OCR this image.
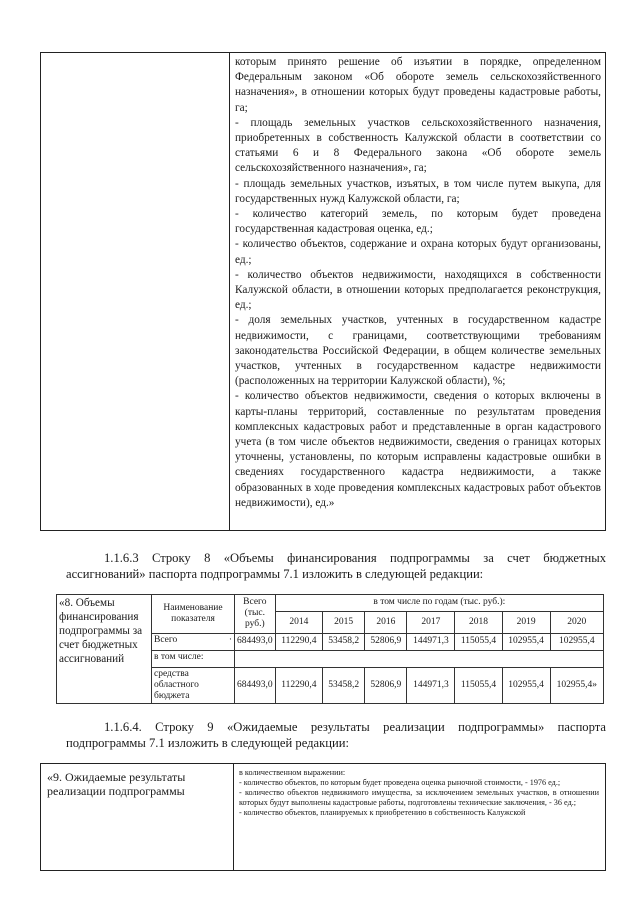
которым принято решение об изъятии в порядке, определенном Федеральным законом «Об обороте земель сельскохозяйственного назначения», в отношении которых будут проведены кадастровые работы, га;

- площадь земельных участков сельскохозяйственного назначения, приобретенных в собственность Калужской области в соответствии со статьями 6 и 8 Федерального закона «Об обороте земель сельскохозяйственного назначения», га;

- площадь земельных участков, изъятых, в том числе путем выкупа, для государственных нужд Калужской области, га;

- количество категорий земель, по которым будет проведена государственная кадастровая оценка, ед.;

- количество объектов, содержание и охрана которых будут организованы, ед.;

- количество объектов недвижимости, находящихся в собственности Калужской области, в отношении которых предполагается реконструкция, ед.;

- доля земельных участков, учтенных в государственном кадастре недвижимости, с границами, соответствующими требованиям законодательства Российской Федерации, в общем количестве земельных участков, учтенных в государственном кадастре недвижимости (расположенных на территории Калужской области), %;

- количество объектов недвижимости, сведения о которых включены в карты-планы территорий, составленные по результатам проведения комплексных кадастровых работ и представленные в орган кадастрового учета (в том числе объектов недвижимости, сведения о границах которых уточнены, установлены, по которым исправлены кадастровые ошибки в сведениях государственного кадастра недвижимости, а также образованных в ходе проведения комплексных кадастровых работ объектов недвижимости), ед.»

1.1.6.3 Строку 8 «Объемы финансирования подпрограммы за счет бюджетных ассигнований» паспорта подпрограммы 7.1 изложить в следующей редакции:
«8. Объемы финансирования подпрограммы за счет бюджетных ассигнований	Наименование показателя	Всего (тыс. руб.)	в том числе по годам (тыс. руб.):						
			2014	2015	2016	2017	2018	2019	2020
	Всего ·	684493,0	112290,4	53458,2	52806,9	144971,3	115055,4	102955,4	102955,4
	в том числе:								
	средства областного бюджета	684493,0	112290,4	53458,2	52806,9	144971,3	115055,4	102955,4	102955,4»
1.1.6.4. Строку 9 «Ожидаемые результаты реализации подпрограммы» паспорта подпрограммы 7.1 изложить в следующей редакции:
«9. Ожидаемые результаты реализации подпрограммы

в количественном выражении:

- количество объектов, по которым будет проведена оценка рыночной стоимости, - 1976 ед.;

- количество объектов недвижимого имущества, за исключением земельных участков, в отношении которых будут выполнены кадастровые работы, подготовлены технические заключения, - 36 ед.;

- количество объектов, планируемых к приобретению в собственность Калужской
